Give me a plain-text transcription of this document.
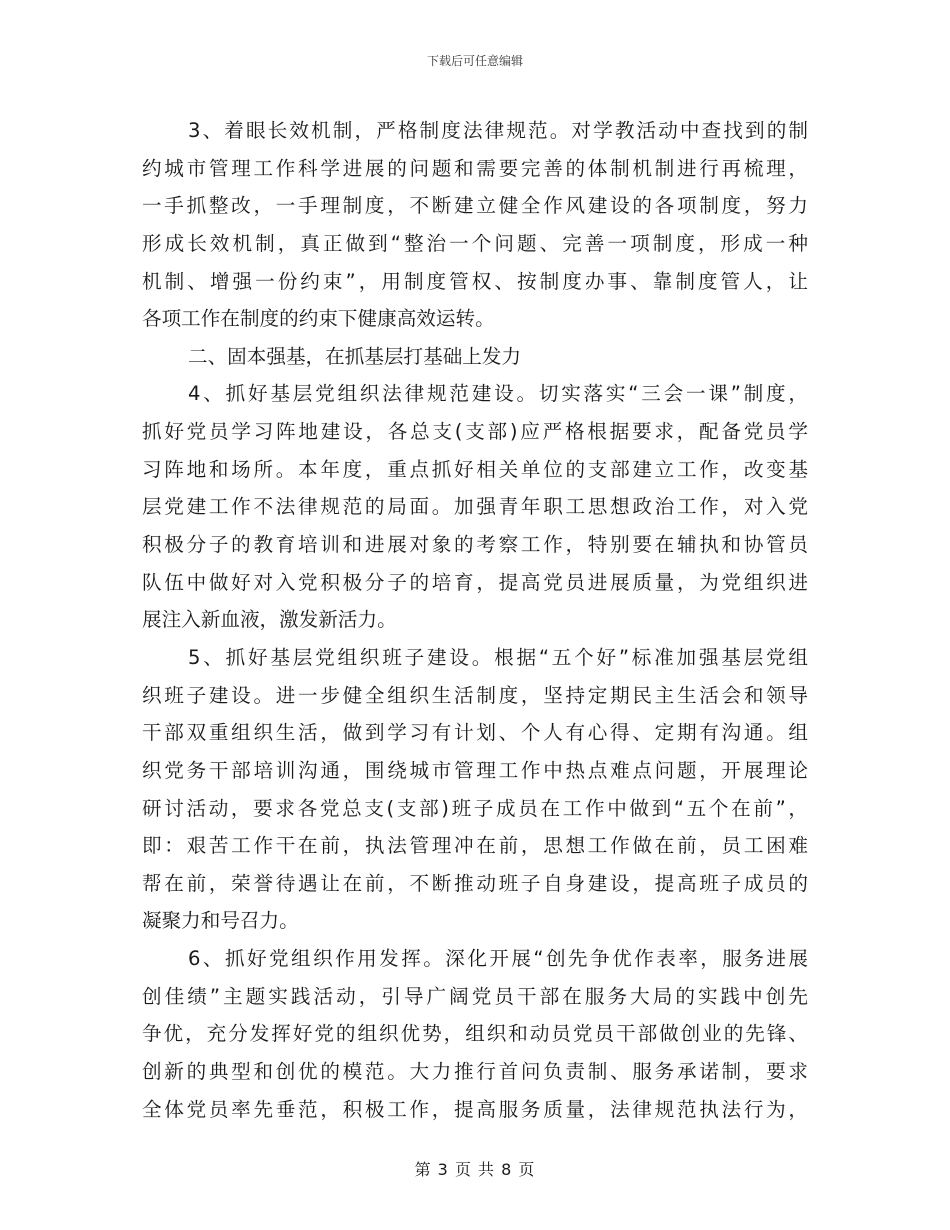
下载后可任意编辑
3、着眼长效机制，严格制度法律规范。对学教活动中查找到的制
约城市管理工作科学进展的问题和需要完善的体制机制进行再梳理，
一手抓整改，一手理制度，不断建立健全作风建设的各项制度，努力
形成长效机制，真正做到“整治一个问题、完善一项制度，形成一种
机制、增强一份约束”，用制度管权、按制度办事、靠制度管人，让
各项工作在制度的约束下健康高效运转。
二、固本强基，在抓基层打基础上发力
4、抓好基层党组织法律规范建设。切实落实“三会一课”制度，
抓好党员学习阵地建设，各总支(支部)应严格根据要求，配备党员学
习阵地和场所。本年度，重点抓好相关单位的支部建立工作，改变基
层党建工作不法律规范的局面。加强青年职工思想政治工作，对入党
积极分子的教育培训和进展对象的考察工作，特别要在辅执和协管员
队伍中做好对入党积极分子的培育，提高党员进展质量，为党组织进
展注入新血液，激发新活力。
5、抓好基层党组织班子建设。根据“五个好”标准加强基层党组
织班子建设。进一步健全组织生活制度，坚持定期民主生活会和领导
干部双重组织生活，做到学习有计划、个人有心得、定期有沟通。组
织党务干部培训沟通，围绕城市管理工作中热点难点问题，开展理论
研讨活动，要求各党总支(支部)班子成员在工作中做到“五个在前”，
即：艰苦工作干在前，执法管理冲在前，思想工作做在前，员工困难
帮在前，荣誉待遇让在前，不断推动班子自身建设，提高班子成员的
凝聚力和号召力。
6、抓好党组织作用发挥。深化开展“创先争优作表率，服务进展
创佳绩”主题实践活动，引导广阔党员干部在服务大局的实践中创先
争优，充分发挥好党的组织优势，组织和动员党员干部做创业的先锋、
创新的典型和创优的模范。大力推行首问负责制、服务承诺制，要求
全体党员率先垂范，积极工作，提高服务质量，法律规范执法行为，
第 3 页 共 8 页
